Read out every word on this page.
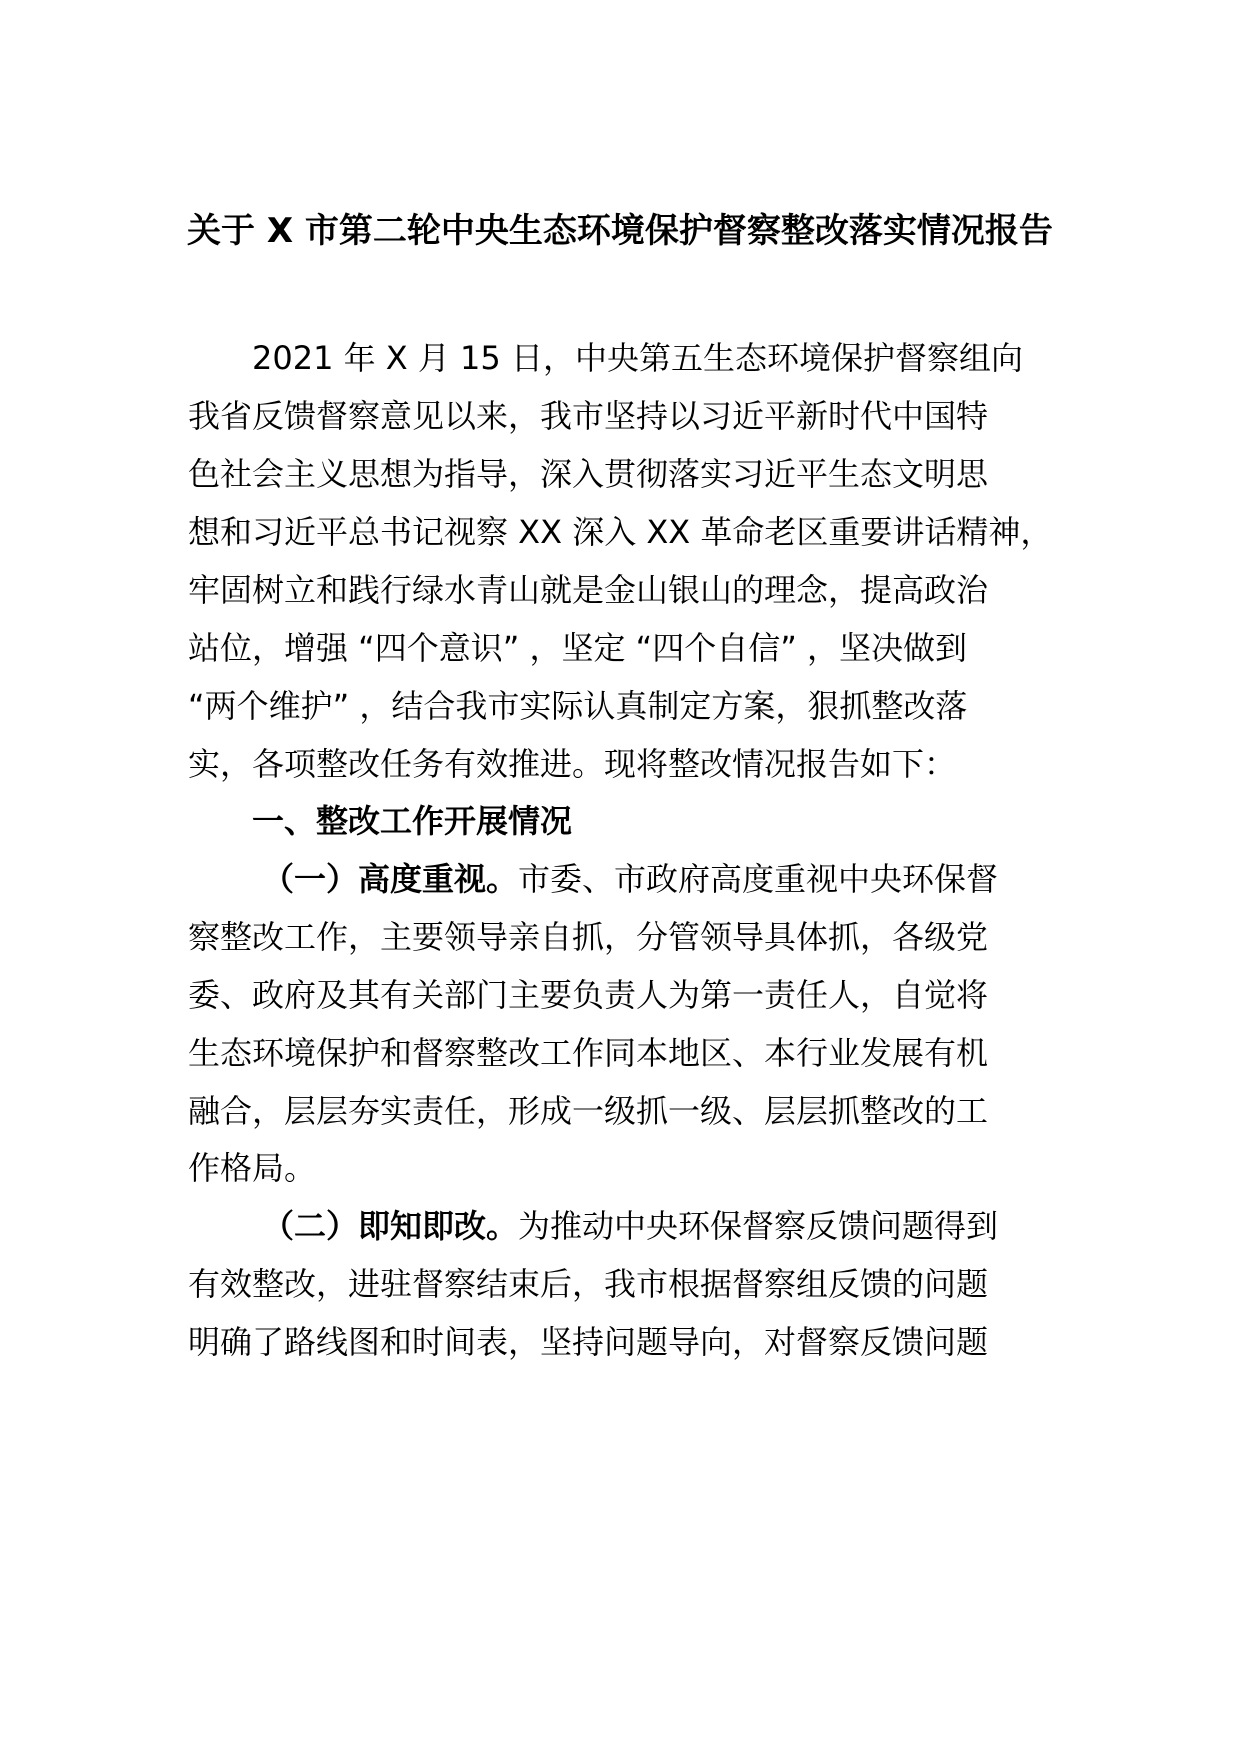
关于 X 市第二轮中央生态环境保护督察整改落实情况报告
2021 年 X 月 15 日，中央第五生态环境保护督察组向
我省反馈督察意见以来，我市坚持以习近平新时代中国特
色社会主义思想为指导，深入贯彻落实习近平生态文明思
想和习近平总书记视察 XX 深入 XX 革命老区重要讲话精神，
牢固树立和践行绿水青山就是金山银山的理念，提高政治
站位，增强 “四个意识” ，坚定 “四个自信” ，坚决做到
“两个维护” ，结合我市实际认真制定方案，狠抓整改落
实，各项整改任务有效推进。现将整改情况报告如下：
一、整改工作开展情况
（一）高度重视。市委、市政府高度重视中央环保督
察整改工作，主要领导亲自抓，分管领导具体抓，各级党
委、政府及其有关部门主要负责人为第一责任人，自觉将
生态环境保护和督察整改工作同本地区、本行业发展有机
融合，层层夯实责任，形成一级抓一级、层层抓整改的工
作格局。
（二）即知即改。为推动中央环保督察反馈问题得到
有效整改，进驻督察结束后，我市根据督察组反馈的问题
明确了路线图和时间表，坚持问题导向，对督察反馈问题
